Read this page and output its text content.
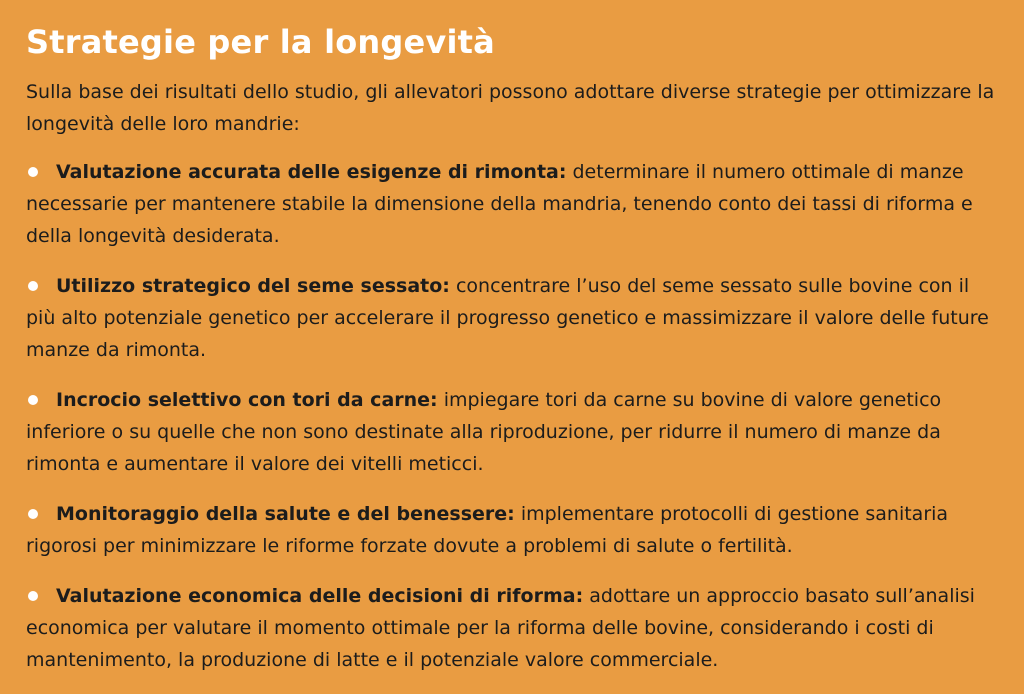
Strategie per la longevità

Sulla base dei risultati dello studio, gli allevatori possono adottare diverse strategie per ottimizzare la longevità delle loro mandrie:

Valutazione accurata delle esigenze di rimonta: determinare il numero ottimale di manze necessarie per mantenere stabile la dimensione della mandria, tenendo conto dei tassi di riforma e della longevità desiderata.
Utilizzo strategico del seme sessato: concentrare l’uso del seme sessato sulle bovine con il più alto potenziale genetico per accelerare il progresso genetico e massimizzare il valore delle future manze da rimonta.
Incrocio selettivo con tori da carne: impiegare tori da carne su bovine di valore genetico inferiore o su quelle che non sono destinate alla riproduzione, per ridurre il numero di manze da rimonta e aumentare il valore dei vitelli meticci.
Monitoraggio della salute e del benessere: implementare protocolli di gestione sanitaria rigorosi per minimizzare le riforme forzate dovute a problemi di salute o fertilità.
Valutazione economica delle decisioni di riforma: adottare un approccio basato sull’analisi economica per valutare il momento ottimale per la riforma delle bovine, considerando i costi di mantenimento, la produzione di latte e il potenziale valore commerciale.
